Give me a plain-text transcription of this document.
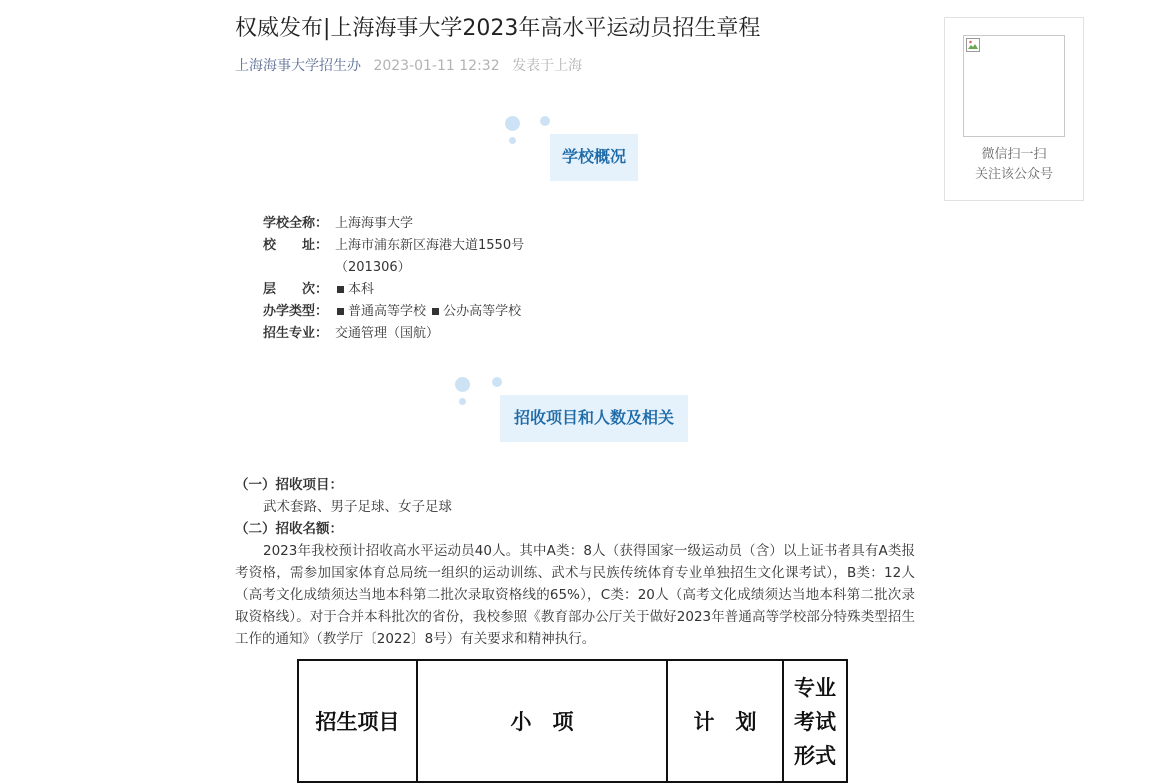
权威发布|上海海事大学2023年高水平运动员招生章程
上海海事大学招生办 2023-01-11 12:32 发表于上海
学校概况
学校全称： 上海海事大学
校　　址： 上海市浦东新区海港大道1550号
（201306）
层　　次：	本科
办学类型：	普通高等学校 公办高等学校
招生专业： 交通管理（国航）
招收项目和人数及相关

（一）招收项目：

武术套路、男子足球、女子足球

（二）招收名额：

2023年我校预计招收高水平运动员40人。其中A类：8人（获得国家一级运动员（含）以上证书者具有A类报考资格，需参加国家体育总局统一组织的运动训练、武术与民族传统体育专业单独招生文化课考试），B类：12人（高考文化成绩须达当地本科第二批次录取资格线的65%），C类：20人（高考文化成绩须达当地本科第二批次录取资格线）。对于合并本科批次的省份，我校参照《教育部办公厅关于做好2023年普通高等学校部分特殊类型招生工作的通知》（教学厅〔2022〕8号）有关要求和精神执行。

招生项目	小　项	计　划	专业考试形式
微信扫一扫
关注该公众号
